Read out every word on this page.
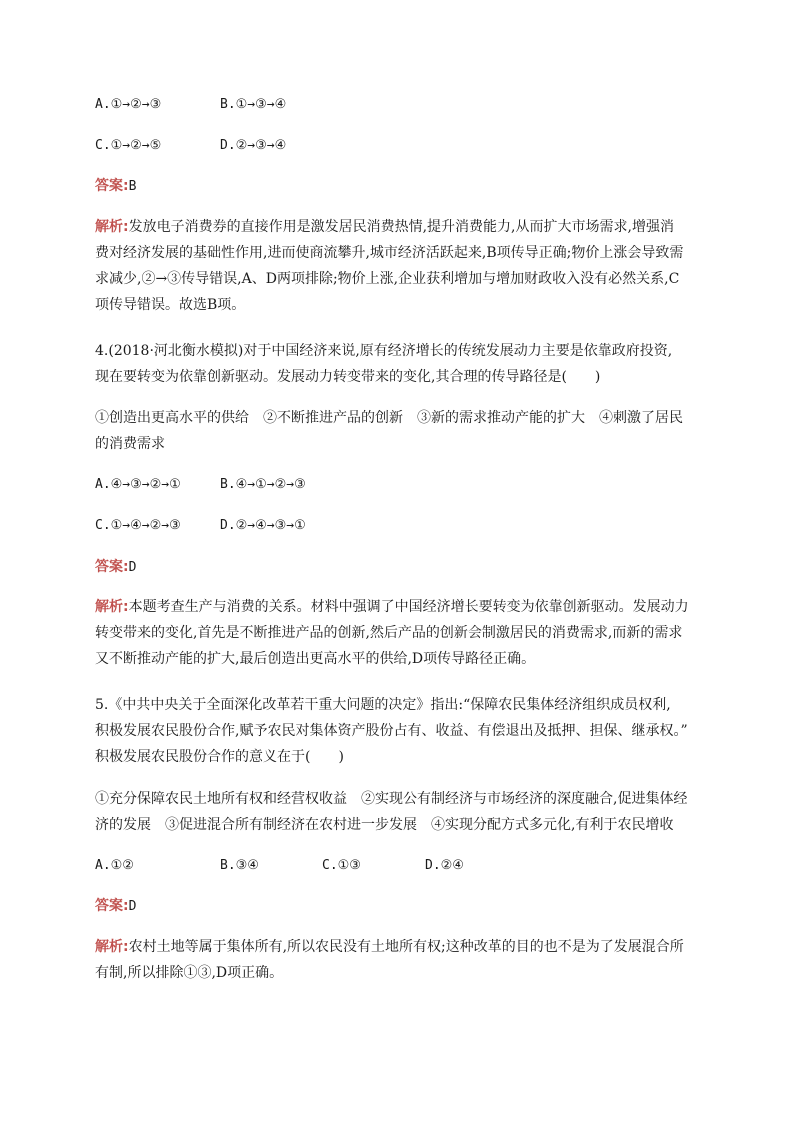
A.①→②→③	B.①→③→④
C.①→②→⑤	D.②→③→④
答案:B
解析:发放电子消费券的直接作用是激发居民消费热情,提升消费能力,从而扩大市场需求,增强消
费对经济发展的基础性作用,进而使商流攀升,城市经济活跃起来,B项传导正确;物价上涨会导致需
求减少,②→③传导错误,A、D两项排除;物价上涨,企业获利增加与增加财政收入没有必然关系,C
项传导错误。故选B项。
4.(2018·河北衡水模拟)对于中国经济来说,原有经济增长的传统发展动力主要是依靠政府投资,
现在要转变为依靠创新驱动。发展动力转变带来的变化,其合理的传导路径是(　　)
①创造出更高水平的供给　②不断推进产品的创新　③新的需求推动产能的扩大　④刺激了居民
的消费需求
A.④→③→②→①	B.④→①→②→③
C.①→④→②→③	D.②→④→③→①
答案:D
解析:本题考查生产与消费的关系。材料中强调了中国经济增长要转变为依靠创新驱动。发展动力
转变带来的变化,首先是不断推进产品的创新,然后产品的创新会制激居民的消费需求,而新的需求
又不断推动产能的扩大,最后创造出更高水平的供给,D项传导路径正确。
5.《中共中央关于全面深化改革若干重大问题的决定》指出:“保障农民集体经济组织成员权利,
积极发展农民股份合作,赋予农民对集体资产股份占有、收益、有偿退出及抵押、担保、继承权。”
积极发展农民股份合作的意义在于(　　)
①充分保障农民土地所有权和经营权收益　②实现公有制经济与市场经济的深度融合,促进集体经
济的发展　③促进混合所有制经济在农村进一步发展　④实现分配方式多元化,有利于农民增收
A.①②	B.③④	C.①③	D.②④
答案:D
解析:农村土地等属于集体所有,所以农民没有土地所有权;这种改革的目的也不是为了发展混合所
有制,所以排除①③,D项正确。
